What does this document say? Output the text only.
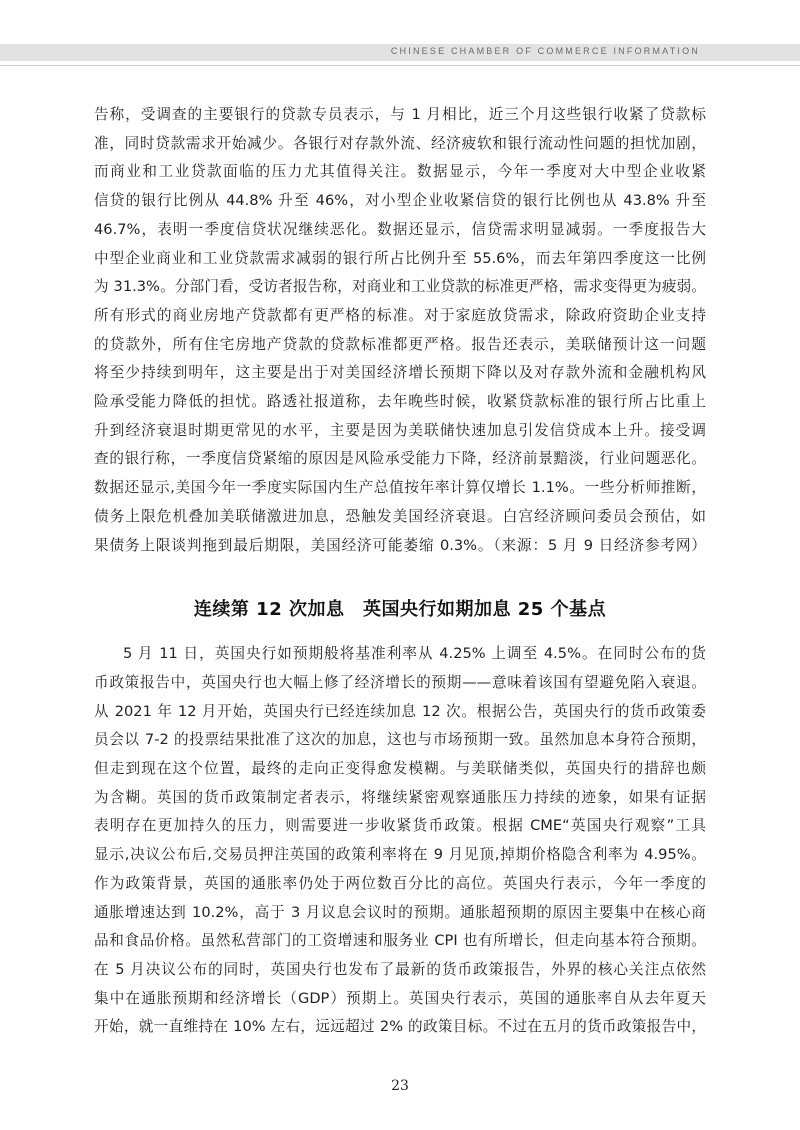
CHINESE CHAMBER OF COMMERCE INFORMATION

告称，受调查的主要银行的贷款专员表示，与 1 月相比，近三个月这些银行收紧了贷款标

准，同时贷款需求开始减少。各银行对存款外流、经济疲软和银行流动性问题的担忧加剧，

而商业和工业贷款面临的压力尤其值得关注。数据显示，今年一季度对大中型企业收紧

信贷的银行比例从 44.8% 升至 46%，对小型企业收紧信贷的银行比例也从 43.8% 升至

46.7%，表明一季度信贷状况继续恶化。数据还显示，信贷需求明显减弱。一季度报告大

中型企业商业和工业贷款需求减弱的银行所占比例升至 55.6%，而去年第四季度这一比例

为 31.3%。分部门看，受访者报告称，对商业和工业贷款的标准更严格，需求变得更为疲弱。

所有形式的商业房地产贷款都有更严格的标准。对于家庭放贷需求，除政府资助企业支持

的贷款外，所有住宅房地产贷款的贷款标准都更严格。报告还表示，美联储预计这一问题

将至少持续到明年，这主要是出于对美国经济增长预期下降以及对存款外流和金融机构风

险承受能力降低的担忧。路透社报道称，去年晚些时候，收紧贷款标准的银行所占比重上

升到经济衰退时期更常见的水平，主要是因为美联储快速加息引发信贷成本上升。接受调

查的银行称，一季度信贷紧缩的原因是风险承受能力下降，经济前景黯淡，行业问题恶化。

数据还显示,美国今年一季度实际国内生产总值按年率计算仅增长 1.1%。一些分析师推断，

债务上限危机叠加美联储激进加息，恐触发美国经济衰退。白宫经济顾问委员会预估，如

果债务上限谈判拖到最后期限，美国经济可能萎缩 0.3%。（来源：5 月 9 日经济参考网）

连续第 12 次加息　英国央行如期加息 25 个基点

5 月 11 日，英国央行如预期般将基准利率从 4.25% 上调至 4.5%。在同时公布的货

币政策报告中，英国央行也大幅上修了经济增长的预期——意味着该国有望避免陷入衰退。

从 2021 年 12 月开始，英国央行已经连续加息 12 次。根据公告，英国央行的货币政策委

员会以 7-2 的投票结果批准了这次的加息，这也与市场预期一致。虽然加息本身符合预期，

但走到现在这个位置，最终的走向正变得愈发模糊。与美联储类似，英国央行的措辞也颇

为含糊。英国的货币政策制定者表示，将继续紧密观察通胀压力持续的迹象，如果有证据

表明存在更加持久的压力，则需要进一步收紧货币政策。根据 CME“英国央行观察”工具

显示,决议公布后,交易员押注英国的政策利率将在 9 月见顶,掉期价格隐含利率为 4.95%。

作为政策背景，英国的通胀率仍处于两位数百分比的高位。英国央行表示，今年一季度的

通胀增速达到 10.2%，高于 3 月议息会议时的预期。通胀超预期的原因主要集中在核心商

品和食品价格。虽然私营部门的工资增速和服务业 CPI 也有所增长，但走向基本符合预期。

在 5 月决议公布的同时，英国央行也发布了最新的货币政策报告，外界的核心关注点依然

集中在通胀预期和经济增长（GDP）预期上。英国央行表示，英国的通胀率自从去年夏天

开始，就一直维持在 10% 左右，远远超过 2% 的政策目标。不过在五月的货币政策报告中，

23
